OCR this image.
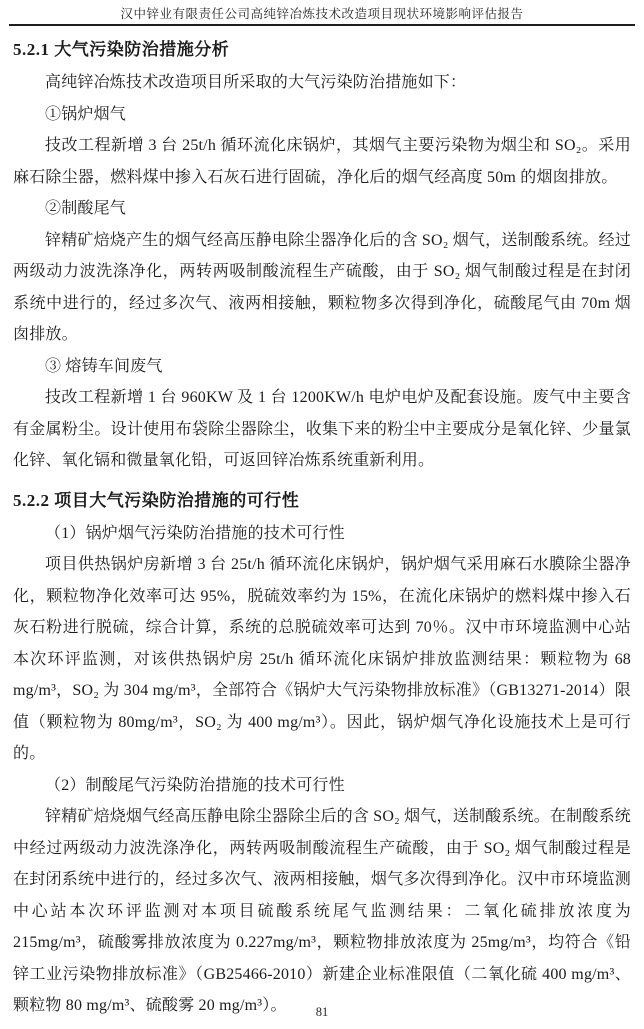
汉中锌业有限责任公司高纯锌冶炼技术改造项目现状环境影响评估报告
5.2.1 大气污染防治措施分析

高纯锌冶炼技术改造项目所采取的大气污染防治措施如下：

①锅炉烟气

技改工程新增 3 台 25t/h 循环流化床锅炉，其烟气主要污染物为烟尘和 SO₂。采用麻石除尘器，燃料煤中掺入石灰石进行固硫，净化后的烟气经高度 50m 的烟囱排放。

②制酸尾气

锌精矿焙烧产生的烟气经高压静电除尘器净化后的含 SO₂ 烟气，送制酸系统。经过两级动力波洗涤净化，两转两吸制酸流程生产硫酸，由于 SO₂ 烟气制酸过程是在封闭系统中进行的，经过多次气、液两相接触，颗粒物多次得到净化，硫酸尾气由 70m 烟囱排放。

③ 熔铸车间废气

技改工程新增 1 台 960KW 及 1 台 1200KW/h 电炉电炉及配套设施。废气中主要含有金属粉尘。设计使用布袋除尘器除尘，收集下来的粉尘中主要成分是氧化锌、少量氯化锌、氧化镉和微量氧化铅，可返回锌冶炼系统重新利用。

5.2.2 项目大气污染防治措施的可行性

（1）锅炉烟气污染防治措施的技术可行性

项目供热锅炉房新增 3 台 25t/h 循环流化床锅炉，锅炉烟气采用麻石水膜除尘器净化，颗粒物净化效率可达 95%，脱硫效率约为 15%，在流化床锅炉的燃料煤中掺入石灰石粉进行脱硫，综合计算，系统的总脱硫效率可达到 70％。汉中市环境监测中心站本次环评监测，对该供热锅炉房 25t/h 循环流化床锅炉排放监测结果：颗粒物为 68 mg/m³，SO₂ 为 304 mg/m³，全部符合《锅炉大气污染物排放标准》（GB13271-2014）限值（颗粒物为 80mg/m³，SO₂ 为 400 mg/m³）。因此，锅炉烟气净化设施技术上是可行的。

（2）制酸尾气污染防治措施的技术可行性

锌精矿焙烧烟气经高压静电除尘器除尘后的含 SO₂ 烟气，送制酸系统。在制酸系统中经过两级动力波洗涤净化，两转两吸制酸流程生产硫酸，由于 SO₂ 烟气制酸过程是在封闭系统中进行的，经过多次气、液两相接触，烟气多次得到净化。汉中市环境监测中心站本次环评监测对本项目硫酸系统尾气监测结果：二氧化硫排放浓度为 215mg/m³，硫酸雾排放浓度为 0.227mg/m³，颗粒物排放浓度为 25mg/m³，均符合《铅锌工业污染物排放标准》（GB25466-2010）新建企业标准限值（二氧化硫 400 mg/m³、颗粒物 80 mg/m³、硫酸雾 20 mg/m³）。	81
